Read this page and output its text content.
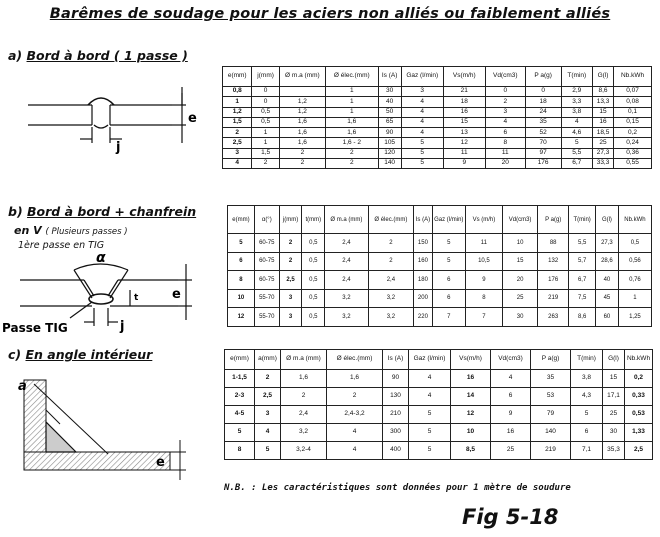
Barêmes de soudage pour les aciers non alliés ou faiblement alliés
a) Bord à bord ( 1 passe )
e
j
e(mm)	j(mm)	Ø m.a (mm)	Ø élec.(mm)	Is (A)	Gaz (l/min)	Vs(m/h)	Vd(cm3)	P a(g)	T(min)	G(l)	Nb.kWh
0,8	0		1	30	3	21	0	0	2,9	8,6	0,07
1	0	1,2	1	40	4	18	2	18	3,3	13,3	0,08
1,2	0,5	1,2	1	50	4	16	3	24	3,8	15	0,1
1,5	0,5	1,6	1,6	65	4	15	4	35	4	16	0,15
2	1	1,6	1,6	90	4	13	6	52	4,6	18,5	0,2
2,5	1	1,6	1,6 - 2	105	5	12	8	70	5	25	0,24
3	1,5	2	2	120	5	11	11	97	5,5	27,3	0,36
4	2	2	2	140	5	9	20	176	6,7	33,3	0,55
b) Bord à bord + chanfrein
en V ( Plusieurs passes )
1ère passe en TIG
α
t	e
j
Passe TIG
e(mm)	α(°)	j(mm)	t(mm)	Ø m.a (mm)	Ø élec.(mm)	Is (A)	Gaz (l/min)	Vs (m/h)	Vd(cm3)	P a(g)	T(min)	G(l)	Nb.kWh
5	60-75	2	0,5	2,4	2	150	5	11	10	88	5,5	27,3	0,5
6	60-75	2	0,5	2,4	2	160	5	10,5	15	132	5,7	28,6	0,56
8	60-75	2,5	0,5	2,4	2,4	180	6	9	20	176	6,7	40	0,76
10	55-70	3	0,5	3,2	3,2	200	6	8	25	219	7,5	45	1
12	55-70	3	0,5	3,2	3,2	220	7	7	30	263	8,6	60	1,25
c) En angle intérieur
a
e
e(mm)	a(mm)	Ø m.a (mm)	Ø élec.(mm)	Is (A)	Gaz (l/min)	Vs(m/h)	Vd(cm3)	P a(g)	T(min)	G(l)	Nb.kWh
1-1,5	2	1,6	1,6	90	4	16	4	35	3,8	15	0,2
2-3	2,5	2	2	130	4	14	6	53	4,3	17,1	0,33
4-5	3	2,4	2,4-3,2	210	5	12	9	79	5	25	0,53
5	4	3,2	4	300	5	10	16	140	6	30	1,33
8	5	3,2-4	4	400	5	8,5	25	219	7,1	35,3	2,5
N.B. : Les caractéristiques sont données pour 1 mètre de soudure
Fig 5-18
